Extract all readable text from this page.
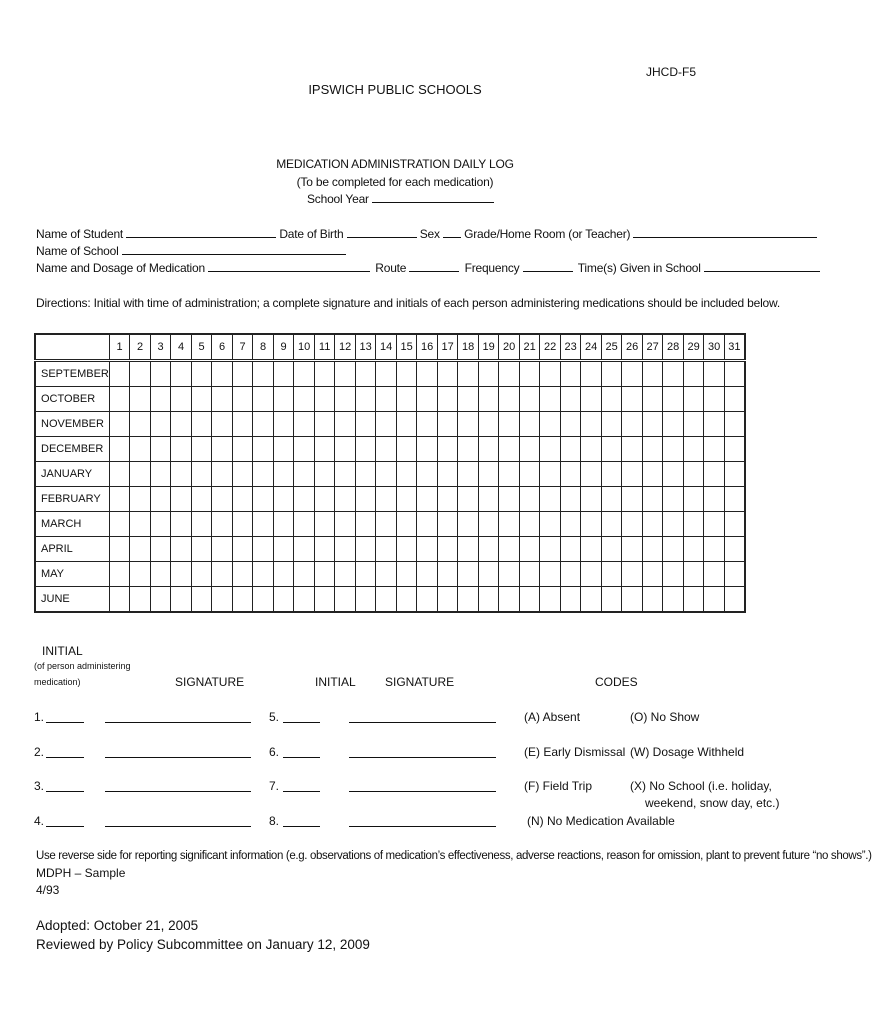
JHCD-F5
IPSWICH PUBLIC SCHOOLS
MEDICATION ADMINISTRATION DAILY LOG
(To be completed for each medication)
School Year
Name of Student	Date of Birth	Sex Grade/Home Room (or Teacher)
Name of School
Name and Dosage of Medication	Route	Frequency	Time(s) Given in School
Directions: Initial with time of administration; a complete signature and initials of each person administering medications should be included below.
	1	2	3	4	5	6	7	8	9	10	11	12	13	14	15	16	17	18	19	20	21	22	23	24	25	26	27	28	29	30	31
SEPTEMBER																															
OCTOBER																															
NOVEMBER																															
DECEMBER																															
JANUARY																															
FEBRUARY																															
MARCH																															
APRIL																															
MAY																															
JUNE																															
INITIAL
(of person administering
medication)	SIGNATURE	INITIAL SIGNATURE	CODES
1.	5.
2.	6.
3.	7.
4.	8.
(A) Absent	(O) No Show
(E) Early Dismissal (W) Dosage Withheld
(F) Field Trip	(X) No School (i.e. holiday,
weekend, snow day, etc.)
(N) No Medication Available
Use reverse side for reporting significant information (e.g. observations of medication’s effectiveness, adverse reactions, reason for omission, plant to prevent future “no shows”.)
MDPH – Sample
4/93
Adopted: October 21, 2005
Reviewed by Policy Subcommittee on January 12, 2009
